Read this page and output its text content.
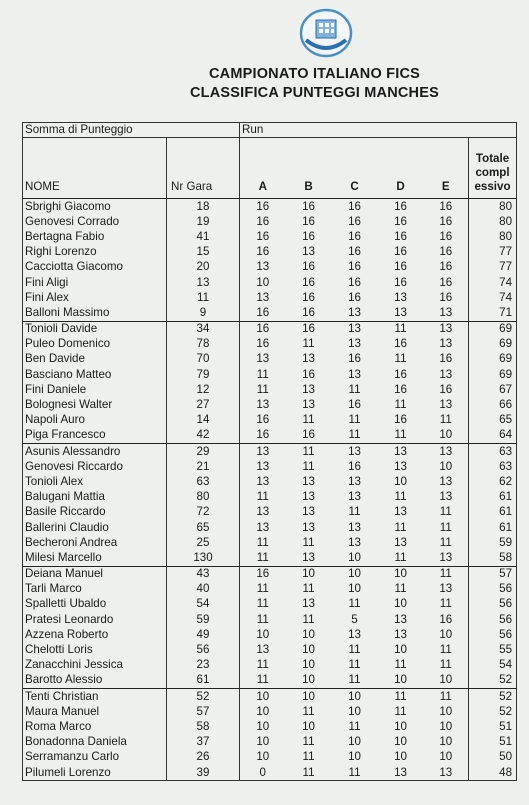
CAMPIONATO ITALIANO FICS
CLASSIFICA PUNTEGGI MANCHES
Somma di Punteggio		Run					
NOME	Nr Gara	A	B	C	D	E	Totale
compl
essivo

Sbrighi Giacomo	18	16	16	16	16	16	80
Genovesi Corrado	19	16	16	16	16	16	80
Bertagna Fabio	41	16	16	16	16	16	80
Righi Lorenzo	15	16	13	16	16	16	77
Cacciotta Giacomo	20	13	16	16	16	16	77
Fini Aligi	13	10	16	16	16	16	74
Fini Alex	11	13	16	16	13	16	74
Balloni Massimo	9	16	16	13	13	13	71
Tonioli Davide	34	16	16	13	11	13	69
Puleo Domenico	78	16	11	13	16	13	69
Ben Davide	70	13	13	16	11	16	69
Basciano Matteo	79	11	16	13	16	13	69
Fini Daniele	12	11	13	11	16	16	67
Bolognesi Walter	27	13	13	16	11	13	66
Napoli Auro	14	16	11	11	16	11	65
Piga Francesco	42	16	16	11	11	10	64
Asunis Alessandro	29	13	11	13	13	13	63
Genovesi Riccardo	21	13	11	16	13	10	63
Tonioli Alex	63	13	13	13	10	13	62
Balugani Mattia	80	11	13	13	11	13	61
Basile Riccardo	72	13	13	11	13	11	61
Ballerini Claudio	65	13	13	13	11	11	61
Becheroni Andrea	25	11	11	13	13	11	59
Milesi Marcello	130	11	13	10	11	13	58
Deiana Manuel	43	16	10	10	10	11	57
Tarli Marco	40	11	11	10	11	13	56
Spalletti Ubaldo	54	11	13	11	10	11	56
Pratesi Leonardo	59	11	11	5	13	16	56
Azzena Roberto	49	10	10	13	13	10	56
Chelotti Loris	56	13	10	11	10	11	55
Zanacchini Jessica	23	11	10	11	11	11	54
Barotto Alessio	61	11	10	11	10	10	52
Tenti Christian	52	10	10	10	11	11	52
Maura Manuel	57	10	11	10	11	10	52
Roma Marco	58	10	10	11	10	10	51
Bonadonna Daniela	37	10	11	10	10	10	51
Serramanzu Carlo	26	10	11	10	10	10	50
Pilumeli Lorenzo	39	0	11	11	13	13	48
